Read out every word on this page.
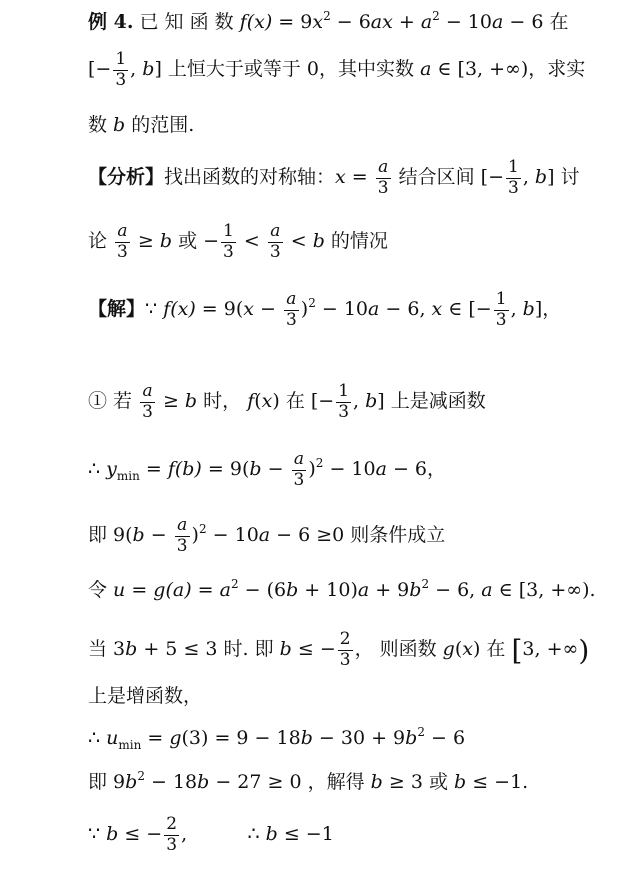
例 4. 已 知 函 数 $f(x) = 9x^2 - 6ax + a^2 - 10a - 6$ 在
[− $\frac{1}{3}$ , b] 上恒大于或等于 0，其中实数 a ∈ [3, +∞)，求实
数 b 的范围.
【分析】找出函数的对称轴：$x = \frac{a}{3}$ 结合区间 [− $\frac{1}{3}$ , b] 讨
论 $\frac{a}{3} \ge b$ 或 − $\frac{1}{3} < \frac{a}{3} < b$ 的情况
【解】∵ $f(x) = 9(x - \frac{a}{3} )^2 - 10a - 6$, x ∈ [− $\frac{1}{3}$ , b]，
① 若 $\frac{a}{3} \ge b$ 时， f(x) 在 [− $\frac{1}{3}$ , b] 上是减函数
∴ $y_{min} = f(b) = 9(b - \frac{a}{3} )^2 - 10a - 6$，
即 $9(b - \frac{a}{3} )^2 - 10a - 6 \ge 0$ 则条件成立
令 $u = g(a) = a^2 - (6b + 10)a + 9b^2 - 6$, a ∈ [3, +∞).
当 3b + 5 ≤ 3 时. 即 b ≤ − $\frac{2}{3}$ ， 则函数 g(x) 在 [3, +∞)
上是增函数，
∴ $u_{min} = g(3) = 9 - 18b - 30 + 9b^2 - 6$
即 $9b^2 - 18b - 27 \ge 0$ ，解得 b ≥ 3 或 b ≤ −1.
∵ b ≤ − $\frac{2}{3}$ ,          ∴ b ≤ −1
